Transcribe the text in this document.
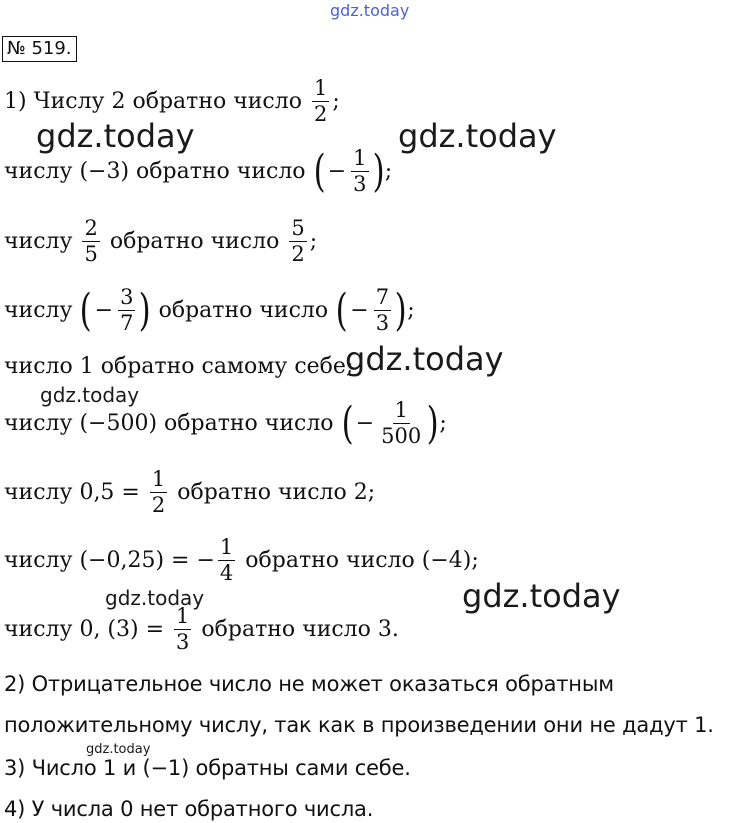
gdz.today
№ 519.
1) Числу 2 обратно число $\frac{1}{2}$ ;
числу (−3) обратно число ( − $\frac{1}{3}$ ) ;
числу $\frac{2}{5}$ обратно число $\frac{5}{2}$ ;
числу ( − $\frac{3}{7}$ ) обратно число ( − $\frac{7}{3}$ ) ;
число 1 обратно самому себе;
числу (−500) обратно число ( − $\frac{1}{500}$ ) ;
числу $0,5 = \frac{1}{2}$ обратно число 2;
числу (−0,25) = − $\frac{1}{4}$ обратно число (−4);
числу 0, $(3) = \frac{1}{3}$ обратно число 3.
2) Отрицательное число не может оказаться обратным
положительному числу, так как в произведении они не дадут 1.
3) Число 1 и (−1) обратны сами себе.
4) У числа 0 нет обратного числа.
gdz.today	gdz.today
gdz.today
gdz.today
gdz.today	gdz.today
gdz.today
